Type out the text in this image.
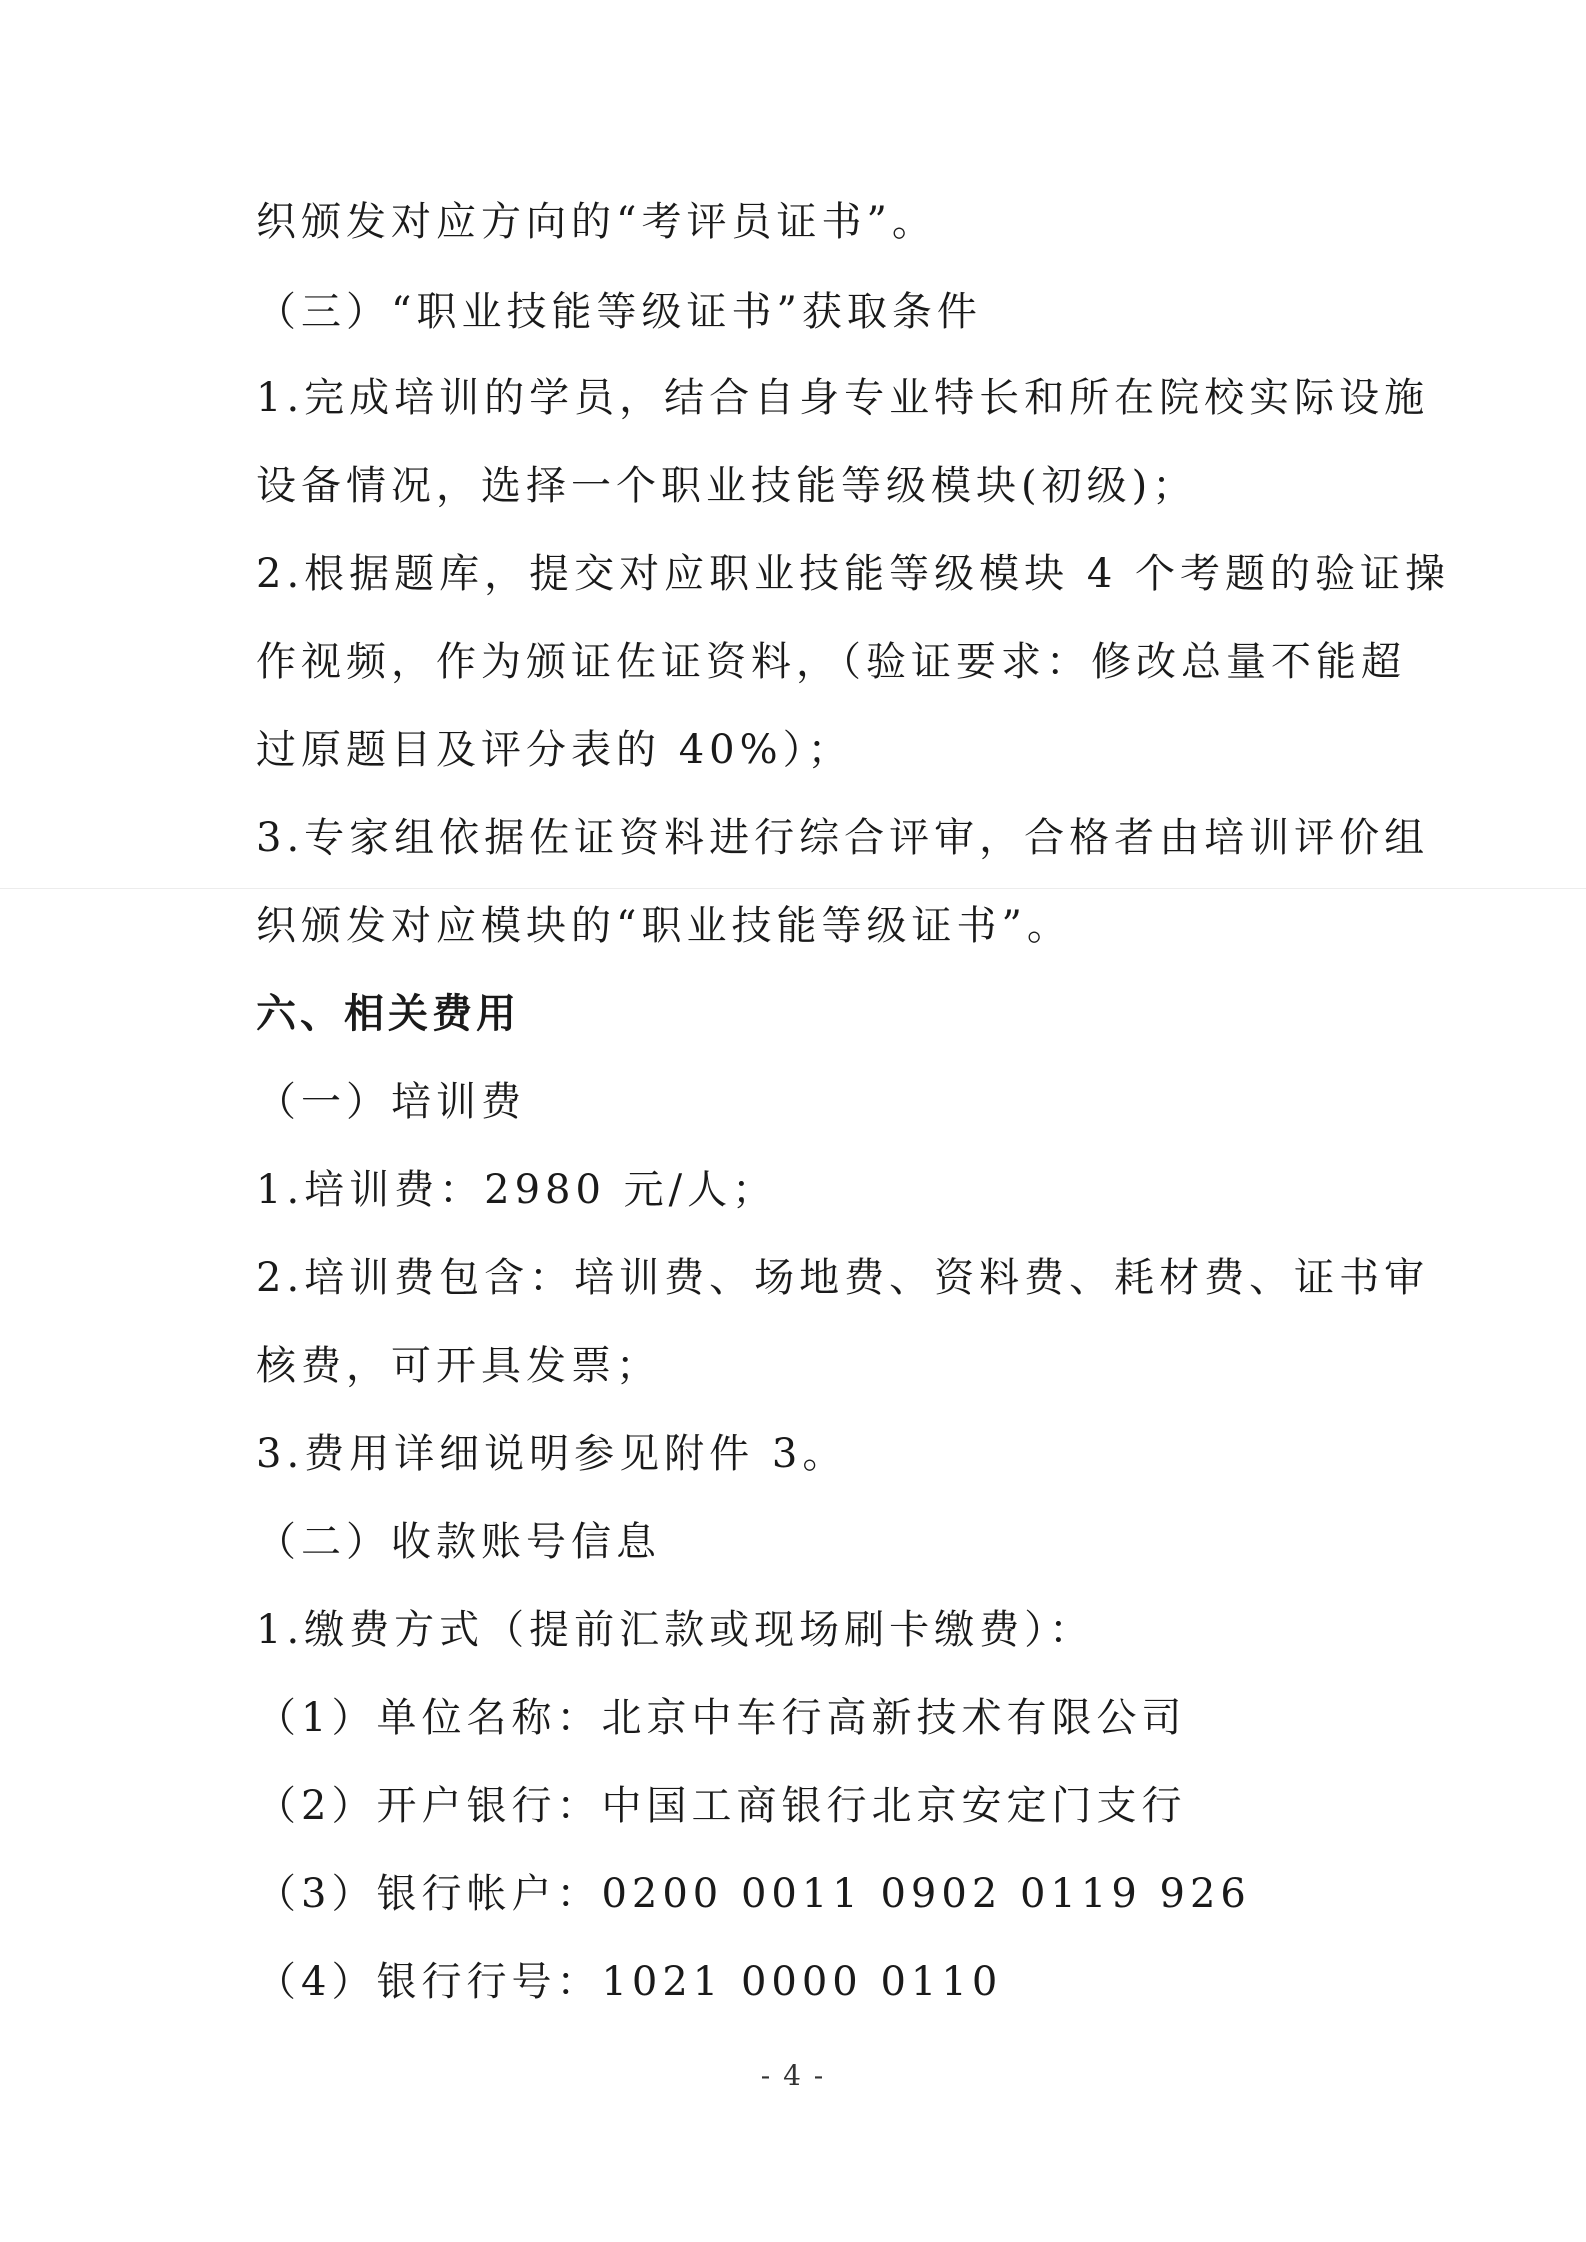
织颁发对应方向的“考评员证书”。
（三）“职业技能等级证书”获取条件
1.完成培训的学员，结合自身专业特长和所在院校实际设施
设备情况，选择一个职业技能等级模块(初级)；
2.根据题库，提交对应职业技能等级模块 4 个考题的验证操
作视频，作为颁证佐证资料，（验证要求：修改总量不能超
过原题目及评分表的 40%）；
3.专家组依据佐证资料进行综合评审，合格者由培训评价组
织颁发对应模块的“职业技能等级证书”。
六、相关费用
（一）培训费
1.培训费：2980 元/人；
2.培训费包含：培训费、场地费、资料费、耗材费、证书审
核费，可开具发票；
3.费用详细说明参见附件 3。
（二）收款账号信息
1.缴费方式（提前汇款或现场刷卡缴费）：
（1）单位名称：北京中车行高新技术有限公司
（2）开户银行：中国工商银行北京安定门支行
（3）银行帐户：0200 0011 0902 0119 926
（4）银行行号：1021 0000 0110
- 4 -
